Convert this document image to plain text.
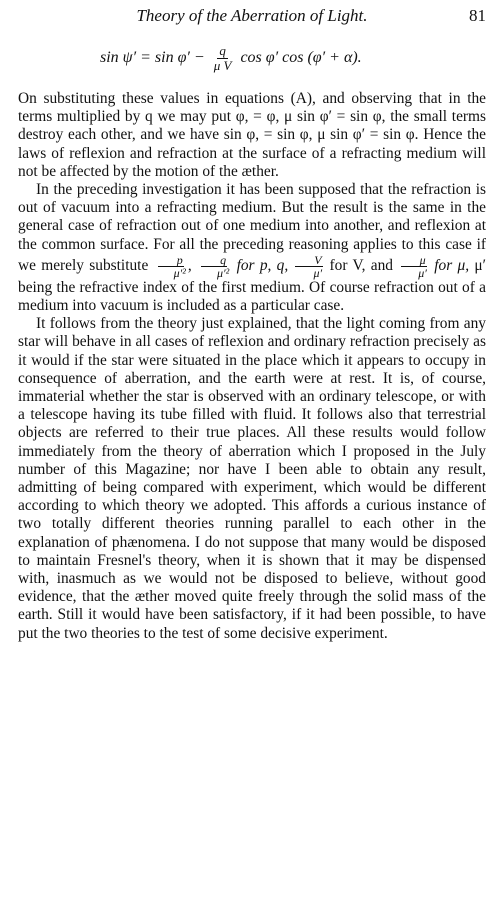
Theory of the Aberration of Light.	81
$\sin \psi' = \sin \varphi' - \frac{q}{\text{μ V}}$ cos φ′ cos (φ′ + α).

On substituting these values in equations (A), and observing that in the terms multiplied by q we may put φ, = φ, μ sin φ′ = sin φ, the small terms destroy each other, and we have sin φ, = sin φ, μ sin φ′ = sin φ. Hence the laws of reflexion and refraction at the surface of a refracting medium will not be affected by the motion of the æther.

In the preceding investigation it has been supposed that the refraction is out of vacuum into a refracting medium. But the result is the same in the general case of refraction out of one medium into another, and reflexion at the common surface. For all the preceding reasoning applies to this case if we merely substitute $\frac{p}{\text{μ′²}}$ , $\frac{q}{\text{μ′²}}$ for p, q, $\frac{V}{\mu'}$ for V, and $\frac{\mu}{\mu'}$ for μ, μ′ being the refractive index of the first medium. Of course refraction out of a medium into vacuum is included as a particular case.

It follows from the theory just explained, that the light coming from any star will behave in all cases of reflexion and ordinary refraction precisely as it would if the star were situated in the place which it appears to occupy in consequence of aberration, and the earth were at rest. It is, of course, immaterial whether the star is observed with an ordinary telescope, or with a telescope having its tube filled with fluid. It follows also that terrestrial objects are referred to their true places. All these results would follow immediately from the theory of aberration which I proposed in the July number of this Magazine; nor have I been able to obtain any result, admitting of being compared with experiment, which would be different according to which theory we adopted. This affords a curious instance of two totally different theories running parallel to each other in the explanation of phænomena. I do not suppose that many would be disposed to maintain Fresnel's theory, when it is shown that it may be dispensed with, inasmuch as we would not be disposed to believe, without good evidence, that the æther moved quite freely through the solid mass of the earth. Still it would have been satisfactory, if it had been possible, to have put the two theories to the test of some decisive experiment.
